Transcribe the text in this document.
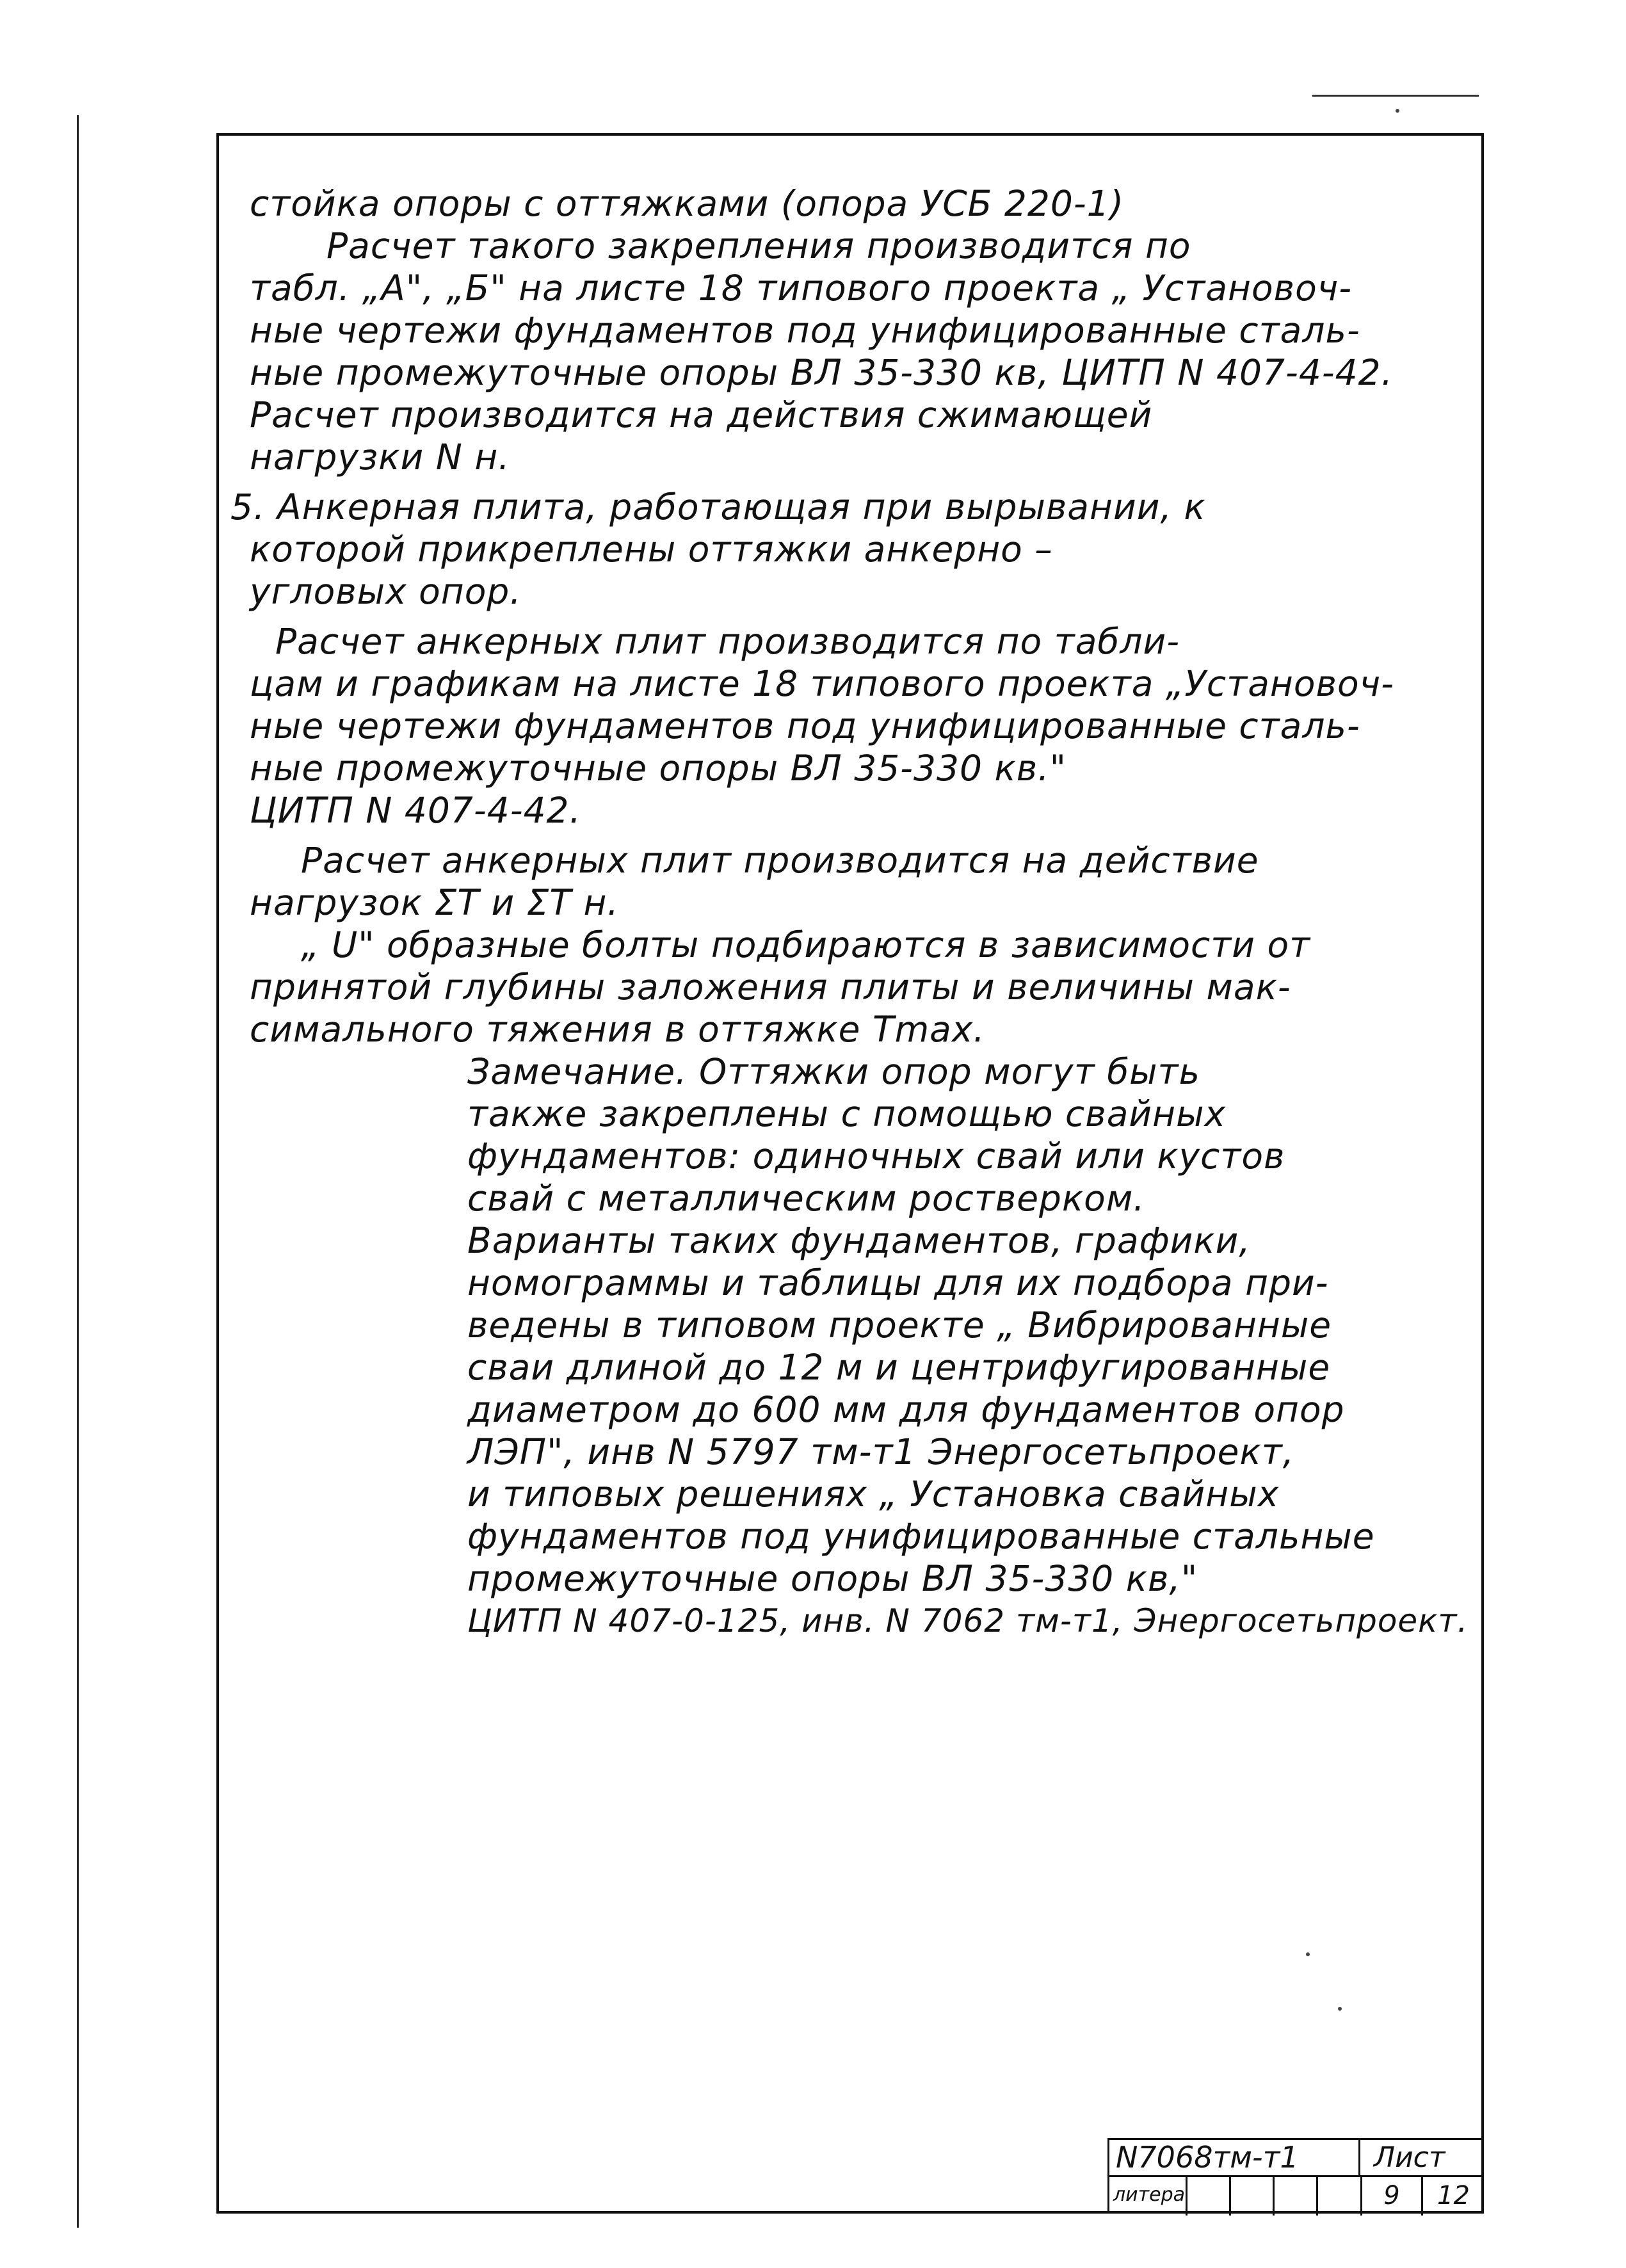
стойка опоры с оттяжками (опора УСБ 220-1)

Расчет такого закрепления производится по

табл. „А", „Б" на листе 18 типового проекта „ Установоч-

ные чертежи фундаментов под унифицированные сталь-

ные промежуточные опоры ВЛ 35-330 кв, ЦИТП N 407-4-42.

Расчет производится на действия сжимающей

нагрузки N н.

5. Анкерная плита, работающая при вырывании, к

которой прикреплены оттяжки анкерно –

угловых опор.

Расчет анкерных плит производится по табли-

цам и графикам на листе 18 типового проекта „Установоч-

ные чертежи фундаментов под унифицированные сталь-

ные промежуточные опоры ВЛ 35-330 кв."

ЦИТП N 407-4-42.

Расчет анкерных плит производится на действие

нагрузок ΣТ и ΣТ н.

„ U" образные болты подбираются в зависимости от

принятой глубины заложения плиты и величины мак-

симального тяжения в оттяжке Tmax.

Замечание. Оттяжки опор могут быть

также закреплены с помощью свайных

фундаментов: одиночных свай или кустов

свай с металлическим ростверком.

Варианты таких фундаментов, графики,

номограммы и таблицы для их подбора при-

ведены в типовом проекте „ Вибрированные

сваи длиной до 12 м и центрифугированные

диаметром до 600 мм для фундаментов опор

ЛЭП", инв N 5797 тм-т1 Энергосетьпроект,

и типовых решениях „ Установка свайных

фундаментов под унифицированные стальные

промежуточные опоры ВЛ 35-330 кв,"

ЦИТП N 407-0-125, инв. N 7062 тм-т1, Энергосетьпроект.

N7068тм-т1	Лист
литера	9	12
